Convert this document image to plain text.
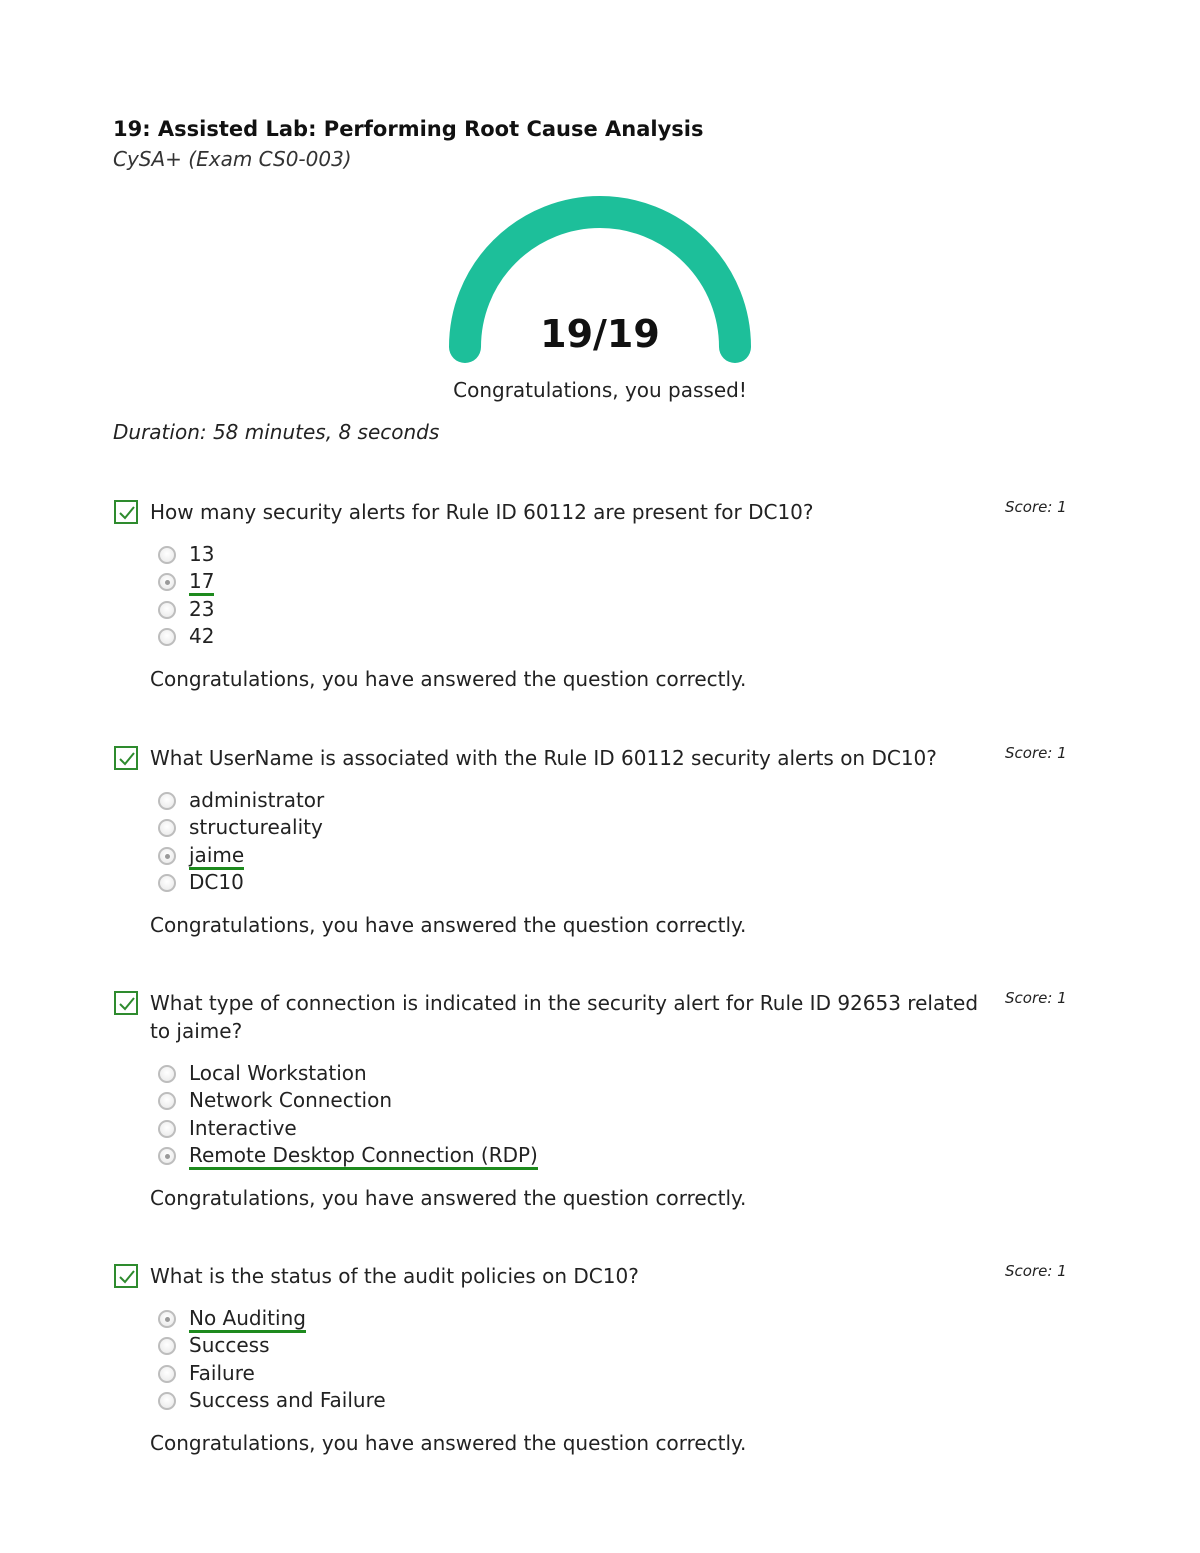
19: Assisted Lab: Performing Root Cause Analysis
CySA+ (Exam CS0-003)
19/19
Congratulations, you passed!
Duration: 58 minutes, 8 seconds
How many security alerts for Rule ID 60112 are present for DC10?	Score: 1
13
17
23
42
Congratulations, you have answered the question correctly.
What UserName is associated with the Rule ID 60112 security alerts on DC10?	Score: 1
administrator
structureality
jaime
DC10
Congratulations, you have answered the question correctly.
What type of connection is indicated in the security alert for Rule ID 92653 related to jaime?
Score: 1
Local Workstation
Network Connection
Interactive
Remote Desktop Connection (RDP)
Congratulations, you have answered the question correctly.
What is the status of the audit policies on DC10?	Score: 1
No Auditing
Success
Failure
Success and Failure
Congratulations, you have answered the question correctly.
